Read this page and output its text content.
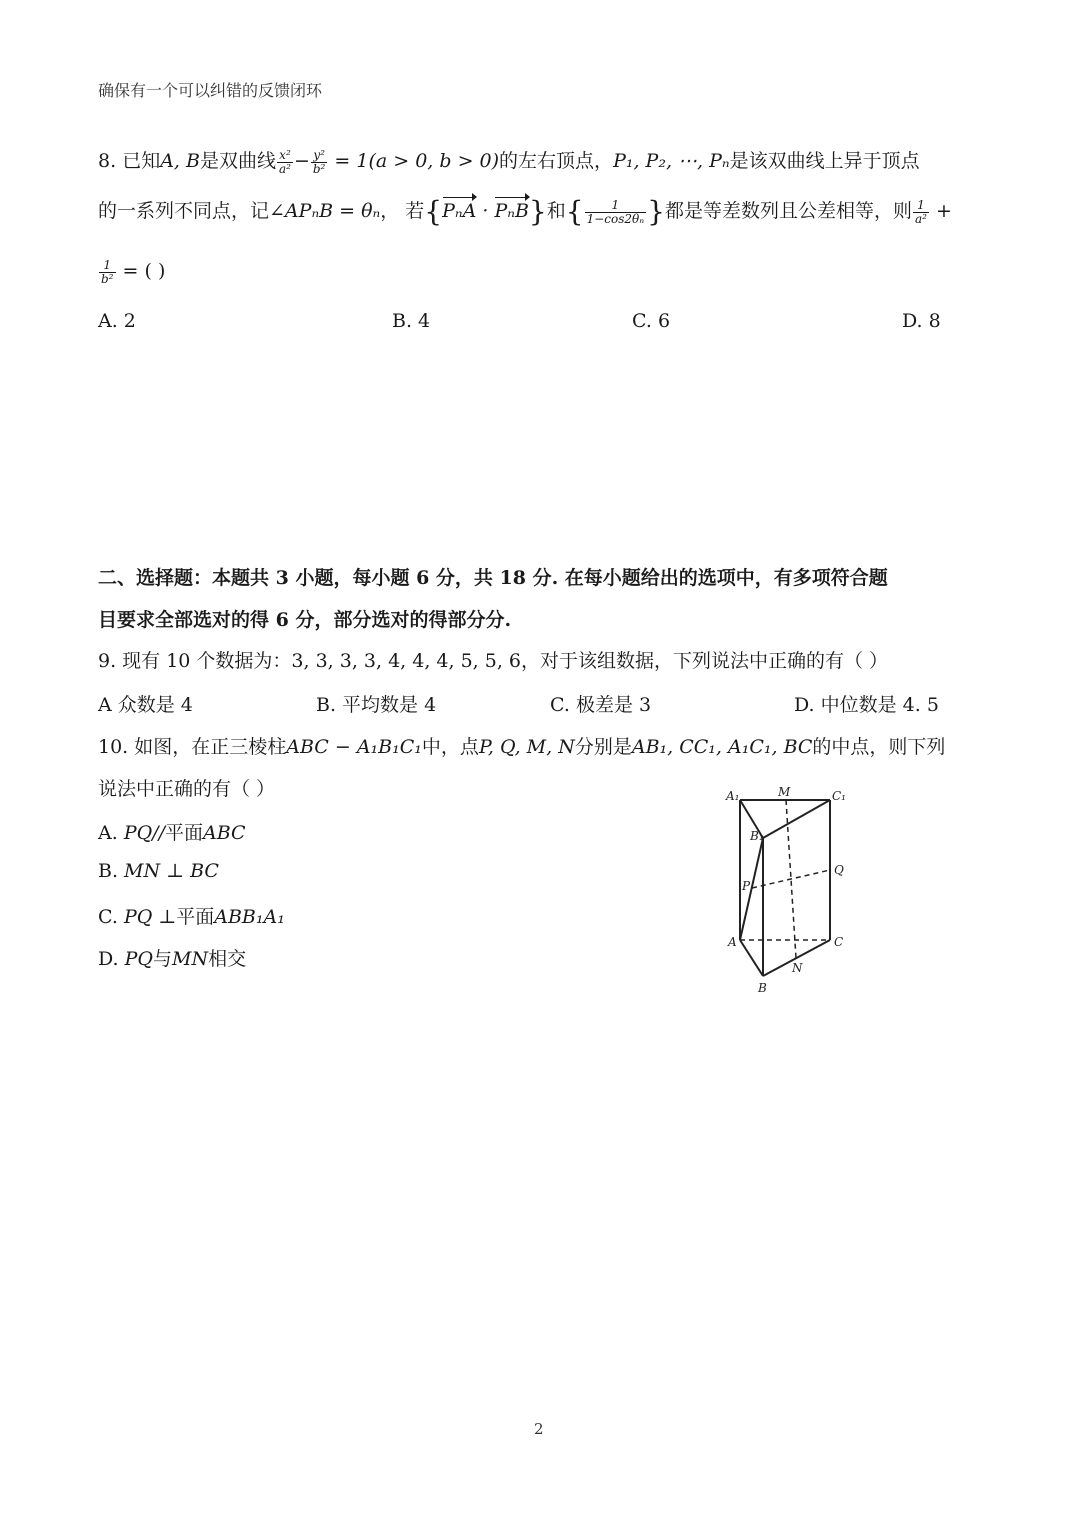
确保有一个可以纠错的反馈闭环
8. 已知A, B是双曲线 $\frac{\text{x²}}{\text{a²}} - \frac{\text{y²}}{\text{b²}} = 1(a > 0$, b > 0)的左右顶点，P₁, P₂, ⋯, Pₙ是该双曲线上异于顶点
的一系列不同点，记∠APₙB = θₙ， 若{PₙA · PₙB}和{ $\frac{1}{\text{1−cos2θₙ}}$ }都是等差数列且公差相等，则 $\frac{1}{\text{a²}}$ +
$\frac{1}{\text{b²}}$ = ( )
A. 2	B. 4	C. 6	D. 8
二、选择题：本题共 3 小题，每小题 6 分，共 18 分. 在每小题给出的选项中，有多项符合题
目要求全部选对的得 6 分，部分选对的得部分分.
9. 现有 10 个数据为：3, 3, 3, 3, 4, 4, 4, 5, 5, 6，对于该组数据，下列说法中正确的有（ ）
A 众数是 4	B. 平均数是 4	C. 极差是 3	D. 中位数是 4. 5
10. 如图，在正三棱柱ABC − A₁B₁C₁中，点P, Q, M, N分别是AB₁, CC₁, A₁C₁, BC的中点，则下列
说法中正确的有（ ）
A. PQ//平面ABC
B. MN ⊥ BC
C. PQ ⊥平面ABB₁A₁
D. PQ与MN相交
A₁	M	C₁
B₁
P
Q
A	C
N
B
2
